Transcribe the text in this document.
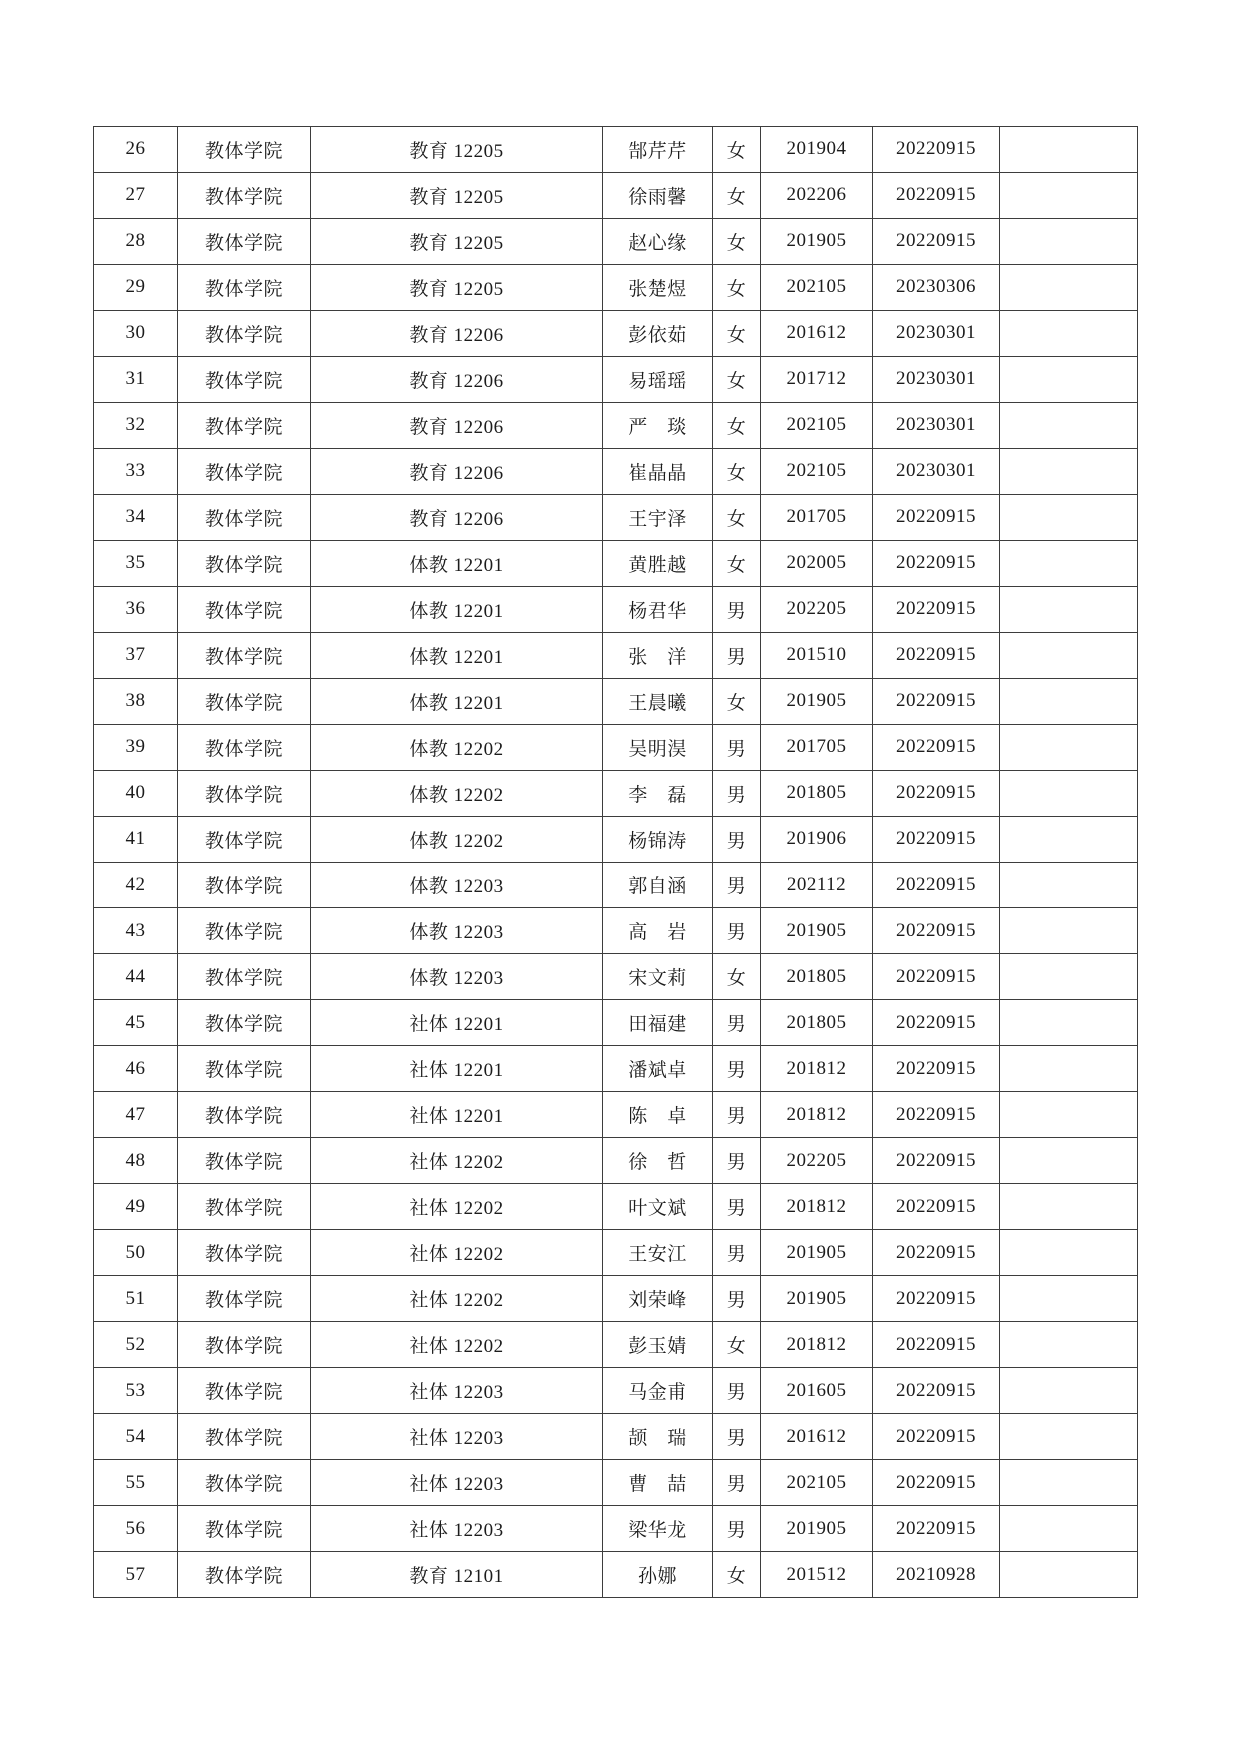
26	教体学院	教育 12205	郜芹芹	女	201904	20220915	
27	教体学院	教育 12205	徐雨馨	女	202206	20220915	
28	教体学院	教育 12205	赵心缘	女	201905	20220915	
29	教体学院	教育 12205	张楚煜	女	202105	20230306	
30	教体学院	教育 12206	彭依茹	女	201612	20230301	
31	教体学院	教育 12206	易瑶瑶	女	201712	20230301	
32	教体学院	教育 12206	严　琰	女	202105	20230301	
33	教体学院	教育 12206	崔晶晶	女	202105	20230301	
34	教体学院	教育 12206	王宇泽	女	201705	20220915	
35	教体学院	体教 12201	黄胜越	女	202005	20220915	
36	教体学院	体教 12201	杨君华	男	202205	20220915	
37	教体学院	体教 12201	张　洋	男	201510	20220915	
38	教体学院	体教 12201	王晨曦	女	201905	20220915	
39	教体学院	体教 12202	吴明淏	男	201705	20220915	
40	教体学院	体教 12202	李　磊	男	201805	20220915	
41	教体学院	体教 12202	杨锦涛	男	201906	20220915	
42	教体学院	体教 12203	郭自涵	男	202112	20220915	
43	教体学院	体教 12203	高　岩	男	201905	20220915	
44	教体学院	体教 12203	宋文莉	女	201805	20220915	
45	教体学院	社体 12201	田福建	男	201805	20220915	
46	教体学院	社体 12201	潘斌卓	男	201812	20220915	
47	教体学院	社体 12201	陈　卓	男	201812	20220915	
48	教体学院	社体 12202	徐　哲	男	202205	20220915	
49	教体学院	社体 12202	叶文斌	男	201812	20220915	
50	教体学院	社体 12202	王安江	男	201905	20220915	
51	教体学院	社体 12202	刘荣峰	男	201905	20220915	
52	教体学院	社体 12202	彭玉婧	女	201812	20220915	
53	教体学院	社体 12203	马金甫	男	201605	20220915	
54	教体学院	社体 12203	颉　瑞	男	201612	20220915	
55	教体学院	社体 12203	曹　喆	男	202105	20220915	
56	教体学院	社体 12203	梁华龙	男	201905	20220915	
57	教体学院	教育 12101	孙娜	女	201512	20210928	
